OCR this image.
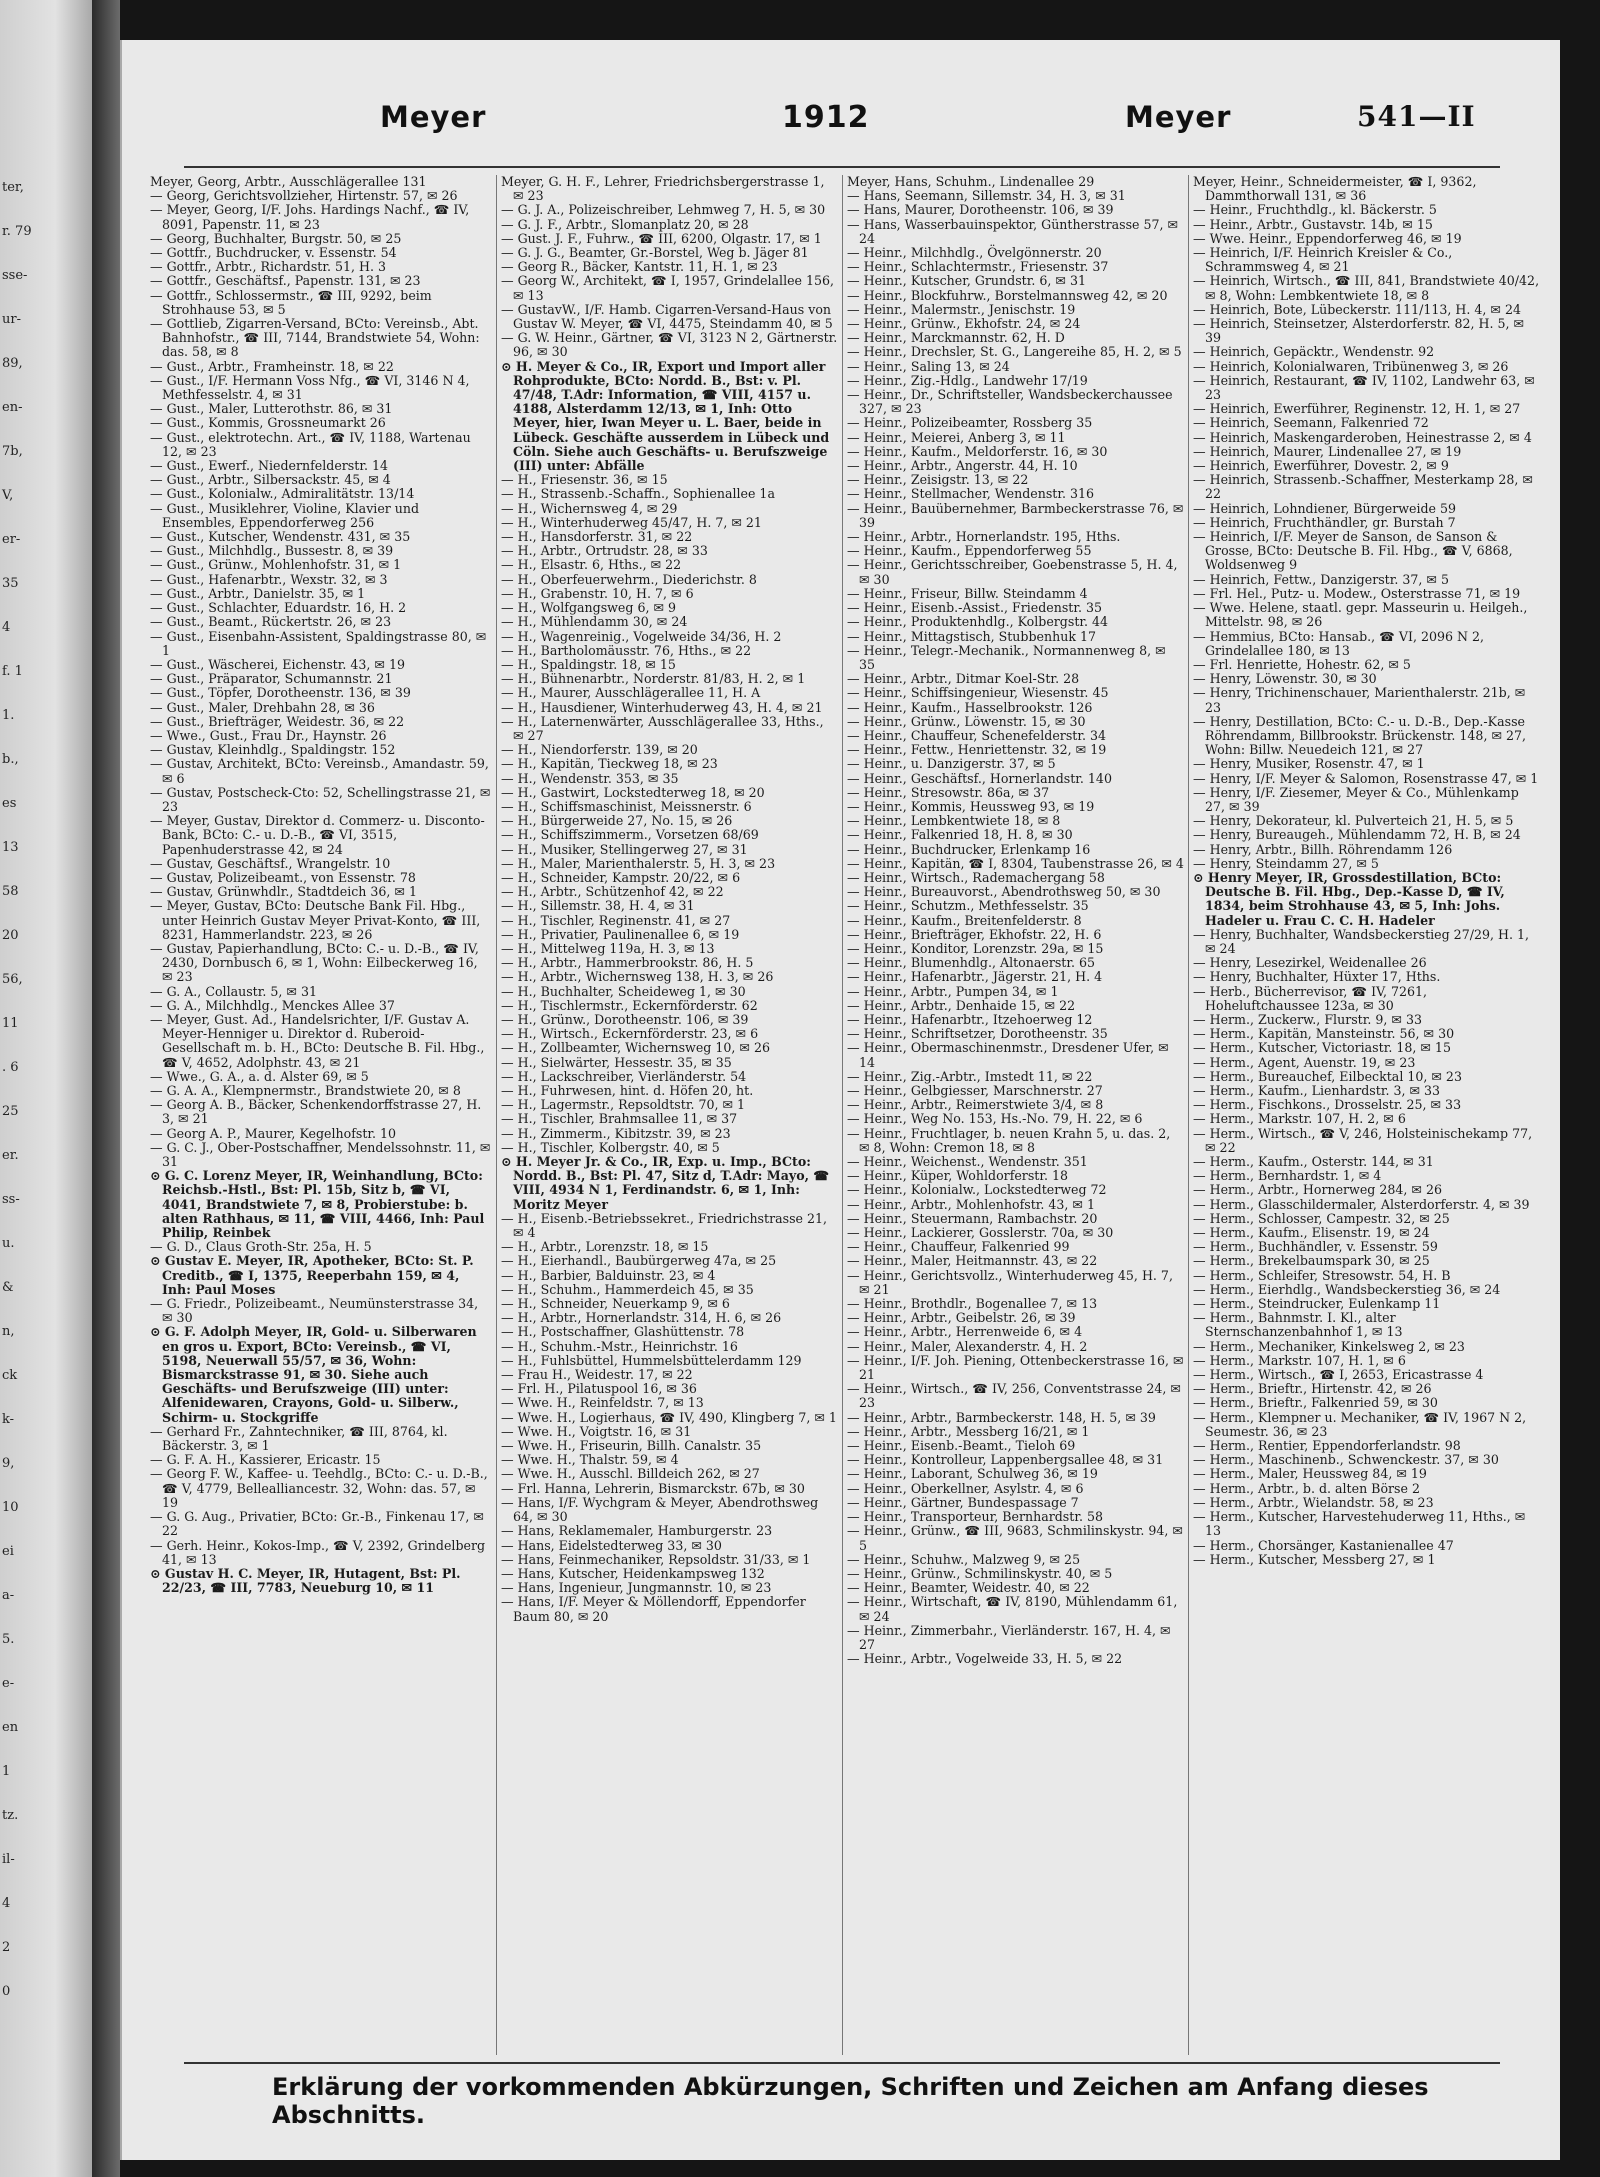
ter,
r. 79
sse-
ur-
89,
en-
7b,
V,
er-
35
4
f. 1
1.
b.,
es
13
58
20
56,
11
. 6
25
er.
ss-
u.
&
n,
ck
k-
9,
10
ei
a-
5.
e-
en
1
tz.
il-
4
2
0
Meyer	1912	Meyer	541—II
Meyer, Georg, Arbtr., Ausschlägerallee 131
— Georg, Gerichtsvollzieher, Hirtenstr. 57, ✉ 26
— Meyer, Georg, I/F. Johs. Hardings Nachf., ☎ IV, 8091, Papenstr. 11, ✉ 23
— Georg, Buchhalter, Burgstr. 50, ✉ 25
— Gottfr., Buchdrucker, v. Essenstr. 54
— Gottfr., Arbtr., Richardstr. 51, H. 3
— Gottfr., Geschäftsf., Papenstr. 131, ✉ 23
— Gottfr., Schlossermstr., ☎ III, 9292, beim Strohhause 53, ✉ 5
— Gottlieb, Zigarren-Versand, BCto: Vereinsb., Abt. Bahnhofstr., ☎ III, 7144, Brandstwiete 54, Wohn: das. 58, ✉ 8
— Gust., Arbtr., Framheinstr. 18, ✉ 22
— Gust., I/F. Hermann Voss Nfg., ☎ VI, 3146 N 4, Methfesselstr. 4, ✉ 31
— Gust., Maler, Lutterothstr. 86, ✉ 31
— Gust., Kommis, Grossneumarkt 26
— Gust., elektrotechn. Art., ☎ IV, 1188, Wartenau 12, ✉ 23
— Gust., Ewerf., Niedernfelderstr. 14
— Gust., Arbtr., Silbersackstr. 45, ✉ 4
— Gust., Kolonialw., Admiralitätstr. 13/14
— Gust., Musiklehrer, Violine, Klavier und Ensembles, Eppendorferweg 256
— Gust., Kutscher, Wendenstr. 431, ✉ 35
— Gust., Milchhdlg., Bussestr. 8, ✉ 39
— Gust., Grünw., Mohlenhofstr. 31, ✉ 1
— Gust., Hafenarbtr., Wexstr. 32, ✉ 3
— Gust., Arbtr., Danielstr. 35, ✉ 1
— Gust., Schlachter, Eduardstr. 16, H. 2
— Gust., Beamt., Rückertstr. 26, ✉ 23
— Gust., Eisenbahn-Assistent, Spaldingstrasse 80, ✉ 1
— Gust., Wäscherei, Eichenstr. 43, ✉ 19
— Gust., Präparator, Schumannstr. 21
— Gust., Töpfer, Dorotheenstr. 136, ✉ 39
— Gust., Maler, Drehbahn 28, ✉ 36
— Gust., Briefträger, Weidestr. 36, ✉ 22
— Wwe., Gust., Frau Dr., Haynstr. 26
— Gustav, Kleinhdlg., Spaldingstr. 152
— Gustav, Architekt, BCto: Vereinsb., Amandastr. 59, ✉ 6
— Gustav, Postscheck-Cto: 52, Schellingstrasse 21, ✉ 23
— Meyer, Gustav, Direktor d. Commerz- u. Disconto-Bank, BCto: C.- u. D.-B., ☎ VI, 3515, Papenhuderstrasse 42, ✉ 24
— Gustav, Geschäftsf., Wrangelstr. 10
— Gustav, Polizeibeamt., von Essenstr. 78
— Gustav, Grünwhdlr., Stadtdeich 36, ✉ 1
— Meyer, Gustav, BCto: Deutsche Bank Fil. Hbg., unter Heinrich Gustav Meyer Privat-Konto, ☎ III, 8231, Hammerlandstr. 223, ✉ 26
— Gustav, Papierhandlung, BCto: C.- u. D.-B., ☎ IV, 2430, Dornbusch 6, ✉ 1, Wohn: Eilbeckerweg 16, ✉ 23
— G. A., Collaustr. 5, ✉ 31
— G. A., Milchhdlg., Menckes Allee 37
— Meyer, Gust. Ad., Handelsrichter, I/F. Gustav A. Meyer-Henniger u. Direktor d. Ruberoid-Gesellschaft m. b. H., BCto: Deutsche B. Fil. Hbg., ☎ V, 4652, Adolphstr. 43, ✉ 21
— Wwe., G. A., a. d. Alster 69, ✉ 5
— G. A. A., Klempnermstr., Brandstwiete 20, ✉ 8
— Georg A. B., Bäcker, Schenkendorffstrasse 27, H. 3, ✉ 21
— Georg A. P., Maurer, Kegelhofstr. 10
— G. C. J., Ober-Postschaffner, Mendelssohnstr. 11, ✉ 31
⊙ G. C. Lorenz Meyer, IR, Weinhandlung, BCto: Reichsb.-Hstl., Bst: Pl. 15b, Sitz b, ☎ VI, 4041, Brandstwiete 7, ✉ 8, Probierstube: b. alten Rathhaus, ✉ 11, ☎ VIII, 4466, Inh: Paul Philip, Reinbek
— G. D., Claus Groth-Str. 25a, H. 5
⊙ Gustav E. Meyer, IR, Apotheker, BCto: St. P. Creditb., ☎ I, 1375, Reeperbahn 159, ✉ 4, Inh: Paul Moses
— G. Friedr., Polizeibeamt., Neumünsterstrasse 34, ✉ 30
⊙ G. F. Adolph Meyer, IR, Gold- u. Silberwaren en gros u. Export, BCto: Vereinsb., ☎ VI, 5198, Neuerwall 55/57, ✉ 36, Wohn: Bismarckstrasse 91, ✉ 30. Siehe auch Geschäfts- und Berufszweige (III) unter: Alfenidewaren, Crayons, Gold- u. Silberw., Schirm- u. Stockgriffe
— Gerhard Fr., Zahntechniker, ☎ III, 8764, kl. Bäckerstr. 3, ✉ 1
— G. F. A. H., Kassierer, Ericastr. 15
— Georg F. W., Kaffee- u. Teehdlg., BCto: C.- u. D.-B., ☎ V, 4779, Bellealliancestr. 32, Wohn: das. 57, ✉ 19
— G. G. Aug., Privatier, BCto: Gr.-B., Finkenau 17, ✉ 22
— Gerh. Heinr., Kokos-Imp., ☎ V, 2392, Grindelberg 41, ✉ 13
⊙ Gustav H. C. Meyer, IR, Hutagent, Bst: Pl. 22/23, ☎ III, 7783, Neueburg 10, ✉ 11
Meyer, G. H. F., Lehrer, Friedrichsbergerstrasse 1, ✉ 23
— G. J. A., Polizeischreiber, Lehmweg 7, H. 5, ✉ 30
— G. J. F., Arbtr., Slomanplatz 20, ✉ 28
— Gust. J. F., Fuhrw., ☎ III, 6200, Olgastr. 17, ✉ 1
— G. J. G., Beamter, Gr.-Borstel, Weg b. Jäger 81
— Georg R., Bäcker, Kantstr. 11, H. 1, ✉ 23
— Georg W., Architekt, ☎ I, 1957, Grindelallee 156, ✉ 13
— GustavW., I/F. Hamb. Cigarren-Versand-Haus von Gustav W. Meyer, ☎ VI, 4475, Steindamm 40, ✉ 5
— G. W. Heinr., Gärtner, ☎ VI, 3123 N 2, Gärtnerstr. 96, ✉ 30
⊙ H. Meyer & Co., IR, Export und Import aller Rohprodukte, BCto: Nordd. B., Bst: v. Pl. 47/48, T.Adr: Information, ☎ VIII, 4157 u. 4188, Alsterdamm 12/13, ✉ 1, Inh: Otto Meyer, hier, Iwan Meyer u. L. Baer, beide in Lübeck. Geschäfte ausserdem in Lübeck und Cöln. Siehe auch Geschäfts- u. Berufszweige (III) unter: Abfälle
— H., Friesenstr. 36, ✉ 15
— H., Strassenb.-Schaffn., Sophienallee 1a
— H., Wichernsweg 4, ✉ 29
— H., Winterhuderweg 45/47, H. 7, ✉ 21
— H., Hansdorferstr. 31, ✉ 22
— H., Arbtr., Ortrudstr. 28, ✉ 33
— H., Elsastr. 6, Hths., ✉ 22
— H., Oberfeuerwehrm., Diederichstr. 8
— H., Grabenstr. 10, H. 7, ✉ 6
— H., Wolfgangsweg 6, ✉ 9
— H., Mühlendamm 30, ✉ 24
— H., Wagenreinig., Vogelweide 34/36, H. 2
— H., Bartholomäusstr. 76, Hths., ✉ 22
— H., Spaldingstr. 18, ✉ 15
— H., Bühnenarbtr., Norderstr. 81/83, H. 2, ✉ 1
— H., Maurer, Ausschlägerallee 11, H. A
— H., Hausdiener, Winterhuderweg 43, H. 4, ✉ 21
— H., Laternenwärter, Ausschlägerallee 33, Hths., ✉ 27
— H., Niendorferstr. 139, ✉ 20
— H., Kapitän, Tieckweg 18, ✉ 23
— H., Wendenstr. 353, ✉ 35
— H., Gastwirt, Lockstedterweg 18, ✉ 20
— H., Schiffsmaschinist, Meissnerstr. 6
— H., Bürgerweide 27, No. 15, ✉ 26
— H., Schiffszimmerm., Vorsetzen 68/69
— H., Musiker, Stellingerweg 27, ✉ 31
— H., Maler, Marienthalerstr. 5, H. 3, ✉ 23
— H., Schneider, Kampstr. 20/22, ✉ 6
— H., Arbtr., Schützenhof 42, ✉ 22
— H., Sillemstr. 38, H. 4, ✉ 31
— H., Tischler, Reginenstr. 41, ✉ 27
— H., Privatier, Paulinenallee 6, ✉ 19
— H., Mittelweg 119a, H. 3, ✉ 13
— H., Arbtr., Hammerbrookstr. 86, H. 5
— H., Arbtr., Wichernsweg 138, H. 3, ✉ 26
— H., Buchhalter, Scheideweg 1, ✉ 30
— H., Tischlermstr., Eckernförderstr. 62
— H., Grünw., Dorotheenstr. 106, ✉ 39
— H., Wirtsch., Eckernförderstr. 23, ✉ 6
— H., Zollbeamter, Wichernsweg 10, ✉ 26
— H., Sielwärter, Hessestr. 35, ✉ 35
— H., Lackschreiber, Vierländerstr. 54
— H., Fuhrwesen, hint. d. Höfen 20, ht.
— H., Lagermstr., Repsoldtstr. 70, ✉ 1
— H., Tischler, Brahmsallee 11, ✉ 37
— H., Zimmerm., Kibitzstr. 39, ✉ 23
— H., Tischler, Kolbergstr. 40, ✉ 5
⊙ H. Meyer Jr. & Co., IR, Exp. u. Imp., BCto: Nordd. B., Bst: Pl. 47, Sitz d, T.Adr: Mayo, ☎ VIII, 4934 N 1, Ferdinandstr. 6, ✉ 1, Inh: Moritz Meyer
— H., Eisenb.-Betriebssekret., Friedrichstrasse 21, ✉ 4
— H., Arbtr., Lorenzstr. 18, ✉ 15
— H., Eierhandl., Baubürgerweg 47a, ✉ 25
— H., Barbier, Balduinstr. 23, ✉ 4
— H., Schuhm., Hammerdeich 45, ✉ 35
— H., Schneider, Neuerkamp 9, ✉ 6
— H., Arbtr., Hornerlandstr. 314, H. 6, ✉ 26
— H., Postschaffner, Glashüttenstr. 78
— H., Schuhm.-Mstr., Heinrichstr. 16
— H., Fuhlsbüttel, Hummelsbüttelerdamm 129
— Frau H., Weidestr. 17, ✉ 22
— Frl. H., Pilatuspool 16, ✉ 36
— Wwe. H., Reinfeldstr. 7, ✉ 13
— Wwe. H., Logierhaus, ☎ IV, 490, Klingberg 7, ✉ 1
— Wwe. H., Voigtstr. 16, ✉ 31
— Wwe. H., Friseurin, Billh. Canalstr. 35
— Wwe. H., Thalstr. 59, ✉ 4
— Wwe. H., Ausschl. Billdeich 262, ✉ 27
— Frl. Hanna, Lehrerin, Bismarckstr. 67b, ✉ 30
— Hans, I/F. Wychgram & Meyer, Abendrothsweg 64, ✉ 30
— Hans, Reklamemaler, Hamburgerstr. 23
— Hans, Eidelstedterweg 33, ✉ 30
— Hans, Feinmechaniker, Repsoldstr. 31/33, ✉ 1
— Hans, Kutscher, Heidenkampsweg 132
— Hans, Ingenieur, Jungmannstr. 10, ✉ 23
— Hans, I/F. Meyer & Möllendorff, Eppendorfer Baum 80, ✉ 20
Meyer, Hans, Schuhm., Lindenallee 29
— Hans, Seemann, Sillemstr. 34, H. 3, ✉ 31
— Hans, Maurer, Dorotheenstr. 106, ✉ 39
— Hans, Wasserbauinspektor, Güntherstrasse 57, ✉ 24
— Heinr., Milchhdlg., Övelgönnerstr. 20
— Heinr., Schlachtermstr., Friesenstr. 37
— Heinr., Kutscher, Grundstr. 6, ✉ 31
— Heinr., Blockfuhrw., Borstelmannsweg 42, ✉ 20
— Heinr., Malermstr., Jenischstr. 19
— Heinr., Grünw., Ekhofstr. 24, ✉ 24
— Heinr., Marckmannstr. 62, H. D
— Heinr., Drechsler, St. G., Langereihe 85, H. 2, ✉ 5
— Heinr., Saling 13, ✉ 24
— Heinr., Zig.-Hdlg., Landwehr 17/19
— Heinr., Dr., Schriftsteller, Wandsbeckerchaussee 327, ✉ 23
— Heinr., Polizeibeamter, Rossberg 35
— Heinr., Meierei, Anberg 3, ✉ 11
— Heinr., Kaufm., Meldorferstr. 16, ✉ 30
— Heinr., Arbtr., Angerstr. 44, H. 10
— Heinr., Zeisigstr. 13, ✉ 22
— Heinr., Stellmacher, Wendenstr. 316
— Heinr., Bauübernehmer, Barmbeckerstrasse 76, ✉ 39
— Heinr., Arbtr., Hornerlandstr. 195, Hths.
— Heinr., Kaufm., Eppendorferweg 55
— Heinr., Gerichtsschreiber, Goebenstrasse 5, H. 4, ✉ 30
— Heinr., Friseur, Billw. Steindamm 4
— Heinr., Eisenb.-Assist., Friedenstr. 35
— Heinr., Produktenhdlg., Kolbergstr. 44
— Heinr., Mittagstisch, Stubbenhuk 17
— Heinr., Telegr.-Mechanik., Normannenweg 8, ✉ 35
— Heinr., Arbtr., Ditmar Koel-Str. 28
— Heinr., Schiffsingenieur, Wiesenstr. 45
— Heinr., Kaufm., Hasselbrookstr. 126
— Heinr., Grünw., Löwenstr. 15, ✉ 30
— Heinr., Chauffeur, Schenefelderstr. 34
— Heinr., Fettw., Henriettenstr. 32, ✉ 19
— Heinr., u. Danzigerstr. 37, ✉ 5
— Heinr., Geschäftsf., Hornerlandstr. 140
— Heinr., Stresowstr. 86a, ✉ 37
— Heinr., Kommis, Heussweg 93, ✉ 19
— Heinr., Lembkentwiete 18, ✉ 8
— Heinr., Falkenried 18, H. 8, ✉ 30
— Heinr., Buchdrucker, Erlenkamp 16
— Heinr., Kapitän, ☎ I, 8304, Taubenstrasse 26, ✉ 4
— Heinr., Wirtsch., Rademachergang 58
— Heinr., Bureauvorst., Abendrothsweg 50, ✉ 30
— Heinr., Schutzm., Methfesselstr. 35
— Heinr., Kaufm., Breitenfelderstr. 8
— Heinr., Briefträger, Ekhofstr. 22, H. 6
— Heinr., Konditor, Lorenzstr. 29a, ✉ 15
— Heinr., Blumenhdlg., Altonaerstr. 65
— Heinr., Hafenarbtr., Jägerstr. 21, H. 4
— Heinr., Arbtr., Pumpen 34, ✉ 1
— Heinr., Arbtr., Denhaide 15, ✉ 22
— Heinr., Hafenarbtr., Itzehoerweg 12
— Heinr., Schriftsetzer, Dorotheenstr. 35
— Heinr., Obermaschinenmstr., Dresdener Ufer, ✉ 14
— Heinr., Zig.-Arbtr., Imstedt 11, ✉ 22
— Heinr., Gelbgiesser, Marschnerstr. 27
— Heinr., Arbtr., Reimerstwiete 3/4, ✉ 8
— Heinr., Weg No. 153, Hs.-No. 79, H. 22, ✉ 6
— Heinr., Fruchtlager, b. neuen Krahn 5, u. das. 2, ✉ 8, Wohn: Cremon 18, ✉ 8
— Heinr., Weichenst., Wendenstr. 351
— Heinr., Küper, Wohldorferstr. 18
— Heinr., Kolonialw., Lockstedterweg 72
— Heinr., Arbtr., Mohlenhofstr. 43, ✉ 1
— Heinr., Steuermann, Rambachstr. 20
— Heinr., Lackierer, Gosslerstr. 70a, ✉ 30
— Heinr., Chauffeur, Falkenried 99
— Heinr., Maler, Heitmannstr. 43, ✉ 22
— Heinr., Gerichtsvollz., Winterhuderweg 45, H. 7, ✉ 21
— Heinr., Brothdlr., Bogenallee 7, ✉ 13
— Heinr., Arbtr., Geibelstr. 26, ✉ 39
— Heinr., Arbtr., Herrenweide 6, ✉ 4
— Heinr., Maler, Alexanderstr. 4, H. 2
— Heinr., I/F. Joh. Piening, Ottenbeckerstrasse 16, ✉ 21
— Heinr., Wirtsch., ☎ IV, 256, Conventstrasse 24, ✉ 23
— Heinr., Arbtr., Barmbeckerstr. 148, H. 5, ✉ 39
— Heinr., Arbtr., Messberg 16/21, ✉ 1
— Heinr., Eisenb.-Beamt., Tieloh 69
— Heinr., Kontrolleur, Lappenbergsallee 48, ✉ 31
— Heinr., Laborant, Schulweg 36, ✉ 19
— Heinr., Oberkellner, Asylstr. 4, ✉ 6
— Heinr., Gärtner, Bundespassage 7
— Heinr., Transporteur, Bernhardstr. 58
— Heinr., Grünw., ☎ III, 9683, Schmilinskystr. 94, ✉ 5
— Heinr., Schuhw., Malzweg 9, ✉ 25
— Heinr., Grünw., Schmilinskystr. 40, ✉ 5
— Heinr., Beamter, Weidestr. 40, ✉ 22
— Heinr., Wirtschaft, ☎ IV, 8190, Mühlendamm 61, ✉ 24
— Heinr., Zimmerbahr., Vierländerstr. 167, H. 4, ✉ 27
— Heinr., Arbtr., Vogelweide 33, H. 5, ✉ 22
Meyer, Heinr., Schneidermeister, ☎ I, 9362, Dammthorwall 131, ✉ 36
— Heinr., Fruchthdlg., kl. Bäckerstr. 5
— Heinr., Arbtr., Gustavstr. 14b, ✉ 15
— Wwe. Heinr., Eppendorferweg 46, ✉ 19
— Heinrich, I/F. Heinrich Kreisler & Co., Schrammsweg 4, ✉ 21
— Heinrich, Wirtsch., ☎ III, 841, Brandstwiete 40/42, ✉ 8, Wohn: Lembkentwiete 18, ✉ 8
— Heinrich, Bote, Lübeckerstr. 111/113, H. 4, ✉ 24
— Heinrich, Steinsetzer, Alsterdorferstr. 82, H. 5, ✉ 39
— Heinrich, Gepäcktr., Wendenstr. 92
— Heinrich, Kolonialwaren, Tribünenweg 3, ✉ 26
— Heinrich, Restaurant, ☎ IV, 1102, Landwehr 63, ✉ 23
— Heinrich, Ewerführer, Reginenstr. 12, H. 1, ✉ 27
— Heinrich, Seemann, Falkenried 72
— Heinrich, Maskengarderoben, Heinestrasse 2, ✉ 4
— Heinrich, Maurer, Lindenallee 27, ✉ 19
— Heinrich, Ewerführer, Dovestr. 2, ✉ 9
— Heinrich, Strassenb.-Schaffner, Mesterkamp 28, ✉ 22
— Heinrich, Lohndiener, Bürgerweide 59
— Heinrich, Fruchthändler, gr. Burstah 7
— Heinrich, I/F. Meyer de Sanson, de Sanson & Grosse, BCto: Deutsche B. Fil. Hbg., ☎ V, 6868, Woldsenweg 9
— Heinrich, Fettw., Danzigerstr. 37, ✉ 5
— Frl. Hel., Putz- u. Modew., Osterstrasse 71, ✉ 19
— Wwe. Helene, staatl. gepr. Masseurin u. Heilgeh., Mittelstr. 98, ✉ 26
— Hemmius, BCto: Hansab., ☎ VI, 2096 N 2, Grindelallee 180, ✉ 13
— Frl. Henriette, Hohestr. 62, ✉ 5
— Henry, Löwenstr. 30, ✉ 30
— Henry, Trichinenschauer, Marienthalerstr. 21b, ✉ 23
— Henry, Destillation, BCto: C.- u. D.-B., Dep.-Kasse Röhrendamm, Billbrookstr. Brückenstr. 148, ✉ 27, Wohn: Billw. Neuedeich 121, ✉ 27
— Henry, Musiker, Rosenstr. 47, ✉ 1
— Henry, I/F. Meyer & Salomon, Rosenstrasse 47, ✉ 1
— Henry, I/F. Ziesemer, Meyer & Co., Mühlenkamp 27, ✉ 39
— Henry, Dekorateur, kl. Pulverteich 21, H. 5, ✉ 5
— Henry, Bureaugeh., Mühlendamm 72, H. B, ✉ 24
— Henry, Arbtr., Billh. Röhrendamm 126
— Henry, Steindamm 27, ✉ 5
⊙ Henry Meyer, IR, Grossdestillation, BCto: Deutsche B. Fil. Hbg., Dep.-Kasse D, ☎ IV, 1834, beim Strohhause 43, ✉ 5, Inh: Johs. Hadeler u. Frau C. C. H. Hadeler
— Henry, Buchhalter, Wandsbeckerstieg 27/29, H. 1, ✉ 24
— Henry, Lesezirkel, Weidenallee 26
— Henry, Buchhalter, Hüxter 17, Hths.
— Herb., Bücherrevisor, ☎ IV, 7261, Hoheluftchaussee 123a, ✉ 30
— Herm., Zuckerw., Flurstr. 9, ✉ 33
— Herm., Kapitän, Mansteinstr. 56, ✉ 30
— Herm., Kutscher, Victoriastr. 18, ✉ 15
— Herm., Agent, Auenstr. 19, ✉ 23
— Herm., Bureauchef, Eilbecktal 10, ✉ 23
— Herm., Kaufm., Lienhardstr. 3, ✉ 33
— Herm., Fischkons., Drosselstr. 25, ✉ 33
— Herm., Markstr. 107, H. 2, ✉ 6
— Herm., Wirtsch., ☎ V, 246, Holsteinischekamp 77, ✉ 22
— Herm., Kaufm., Osterstr. 144, ✉ 31
— Herm., Bernhardstr. 1, ✉ 4
— Herm., Arbtr., Hornerweg 284, ✉ 26
— Herm., Glasschildermaler, Alsterdorferstr. 4, ✉ 39
— Herm., Schlosser, Campestr. 32, ✉ 25
— Herm., Kaufm., Elisenstr. 19, ✉ 24
— Herm., Buchhändler, v. Essenstr. 59
— Herm., Brekelbaumspark 30, ✉ 25
— Herm., Schleifer, Stresowstr. 54, H. B
— Herm., Eierhdlg., Wandsbeckerstieg 36, ✉ 24
— Herm., Steindrucker, Eulenkamp 11
— Herm., Bahnmstr. I. Kl., alter Sternschanzenbahnhof 1, ✉ 13
— Herm., Mechaniker, Kinkelsweg 2, ✉ 23
— Herm., Markstr. 107, H. 1, ✉ 6
— Herm., Wirtsch., ☎ I, 2653, Ericastrasse 4
— Herm., Brieftr., Hirtenstr. 42, ✉ 26
— Herm., Brieftr., Falkenried 59, ✉ 30
— Herm., Klempner u. Mechaniker, ☎ IV, 1967 N 2, Seumestr. 36, ✉ 23
— Herm., Rentier, Eppendorferlandstr. 98
— Herm., Maschinenb., Schwenckestr. 37, ✉ 30
— Herm., Maler, Heussweg 84, ✉ 19
— Herm., Arbtr., b. d. alten Börse 2
— Herm., Arbtr., Wielandstr. 58, ✉ 23
— Herm., Kutscher, Harvestehuderweg 11, Hths., ✉ 13
— Herm., Chorsänger, Kastanienallee 47
— Herm., Kutscher, Messberg 27, ✉ 1
Erklärung der vorkommenden Abkürzungen, Schriften und Zeichen am Anfang dieses Abschnitts.
